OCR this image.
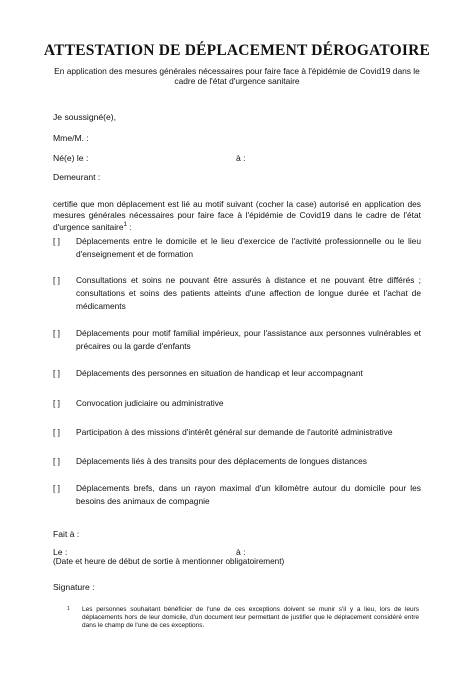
ATTESTATION DE DÉPLACEMENT DÉROGATOIRE
En application des mesures générales nécessaires pour faire face à l'épidémie de Covid19 dans le cadre de l'état d'urgence sanitaire
Je soussigné(e),
Mme/M. :
Né(e) le :	à :
Demeurant :
certifie que mon déplacement est lié au motif suivant (cocher la case) autorisé en application des mesures générales nécessaires pour faire face à l'épidémie de Covid19 dans le cadre de l'état d'urgence sanitaire$^1$ :
[ ]	Déplacements entre le domicile et le lieu d'exercice de l'activité professionnelle ou le lieu d'enseignement et de formation
[ ]	Consultations et soins ne pouvant être assurés à distance et ne pouvant être différés ; consultations et soins des patients atteints d'une affection de longue durée et l'achat de médicaments
[ ]	Déplacements pour motif familial impérieux, pour l'assistance aux personnes vulnérables et précaires ou la garde d'enfants
[ ]	Déplacements des personnes en situation de handicap et leur accompagnant
[ ]	Convocation judiciaire ou administrative
[ ]	Participation à des missions d'intérêt général sur demande de l'autorité administrative
[ ]	Déplacements liés à des transits pour des déplacements de longues distances
[ ]	Déplacements brefs, dans un rayon maximal d'un kilomètre autour du domicile pour les besoins des animaux de compagnie
Fait à :
Le :	à :
(Date et heure de début de sortie à mentionner obligatoirement)
Signature :
1 Les personnes souhaitant bénéficier de l'une de ces exceptions doivent se munir s'il y a lieu, lors de leurs déplacements hors de leur domicile, d'un document leur permettant de justifier que le déplacement considéré entre dans le champ de l'une de ces exceptions.
